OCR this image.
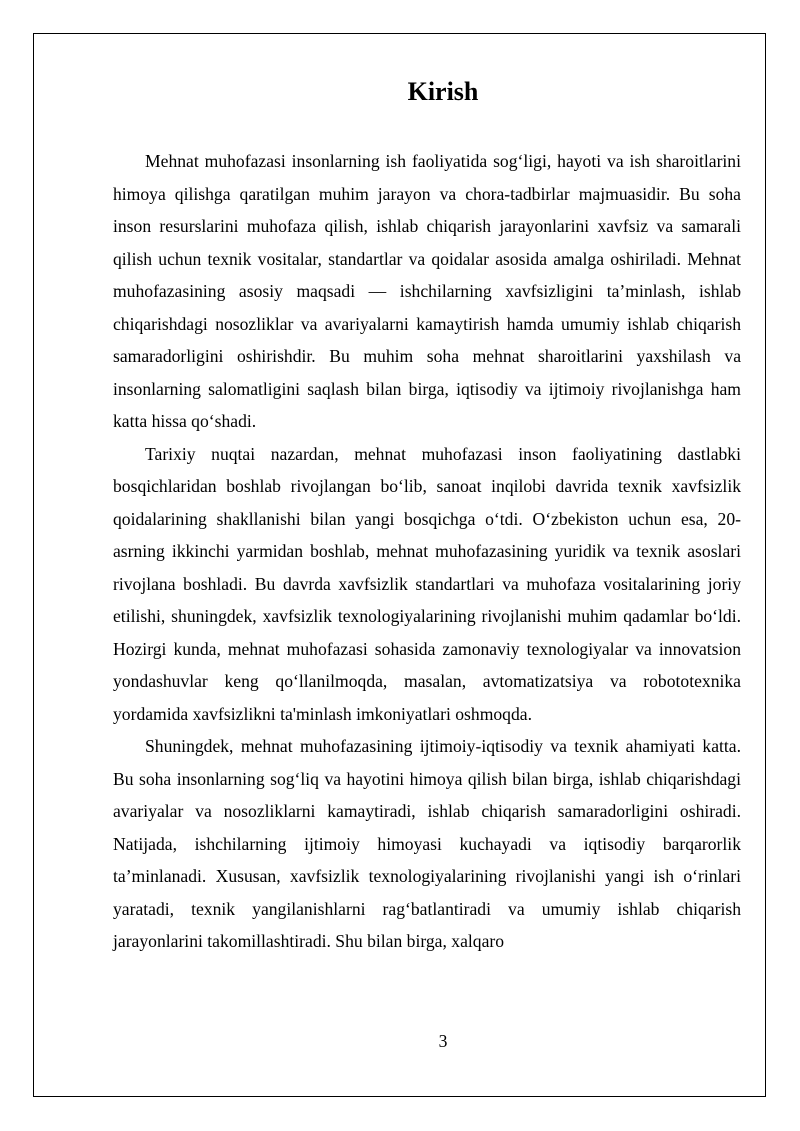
Kirish

Mehnat muhofazasi insonlarning ish faoliyatida sog‘ligi, hayoti va ish sharoitlarini himoya qilishga qaratilgan muhim jarayon va chora-tadbirlar majmuasidir. Bu soha inson resurslarini muhofaza qilish, ishlab chiqarish jarayonlarini xavfsiz va samarali qilish uchun texnik vositalar, standartlar va qoidalar asosida amalga oshiriladi. Mehnat muhofazasining asosiy maqsadi — ishchilarning xavfsizligini ta’minlash, ishlab chiqarishdagi nosozliklar va avariyalarni kamaytirish hamda umumiy ishlab chiqarish samaradorligini oshirishdir. Bu muhim soha mehnat sharoitlarini yaxshilash va insonlarning salomatligini saqlash bilan birga, iqtisodiy va ijtimoiy rivojlanishga ham katta hissa qo‘shadi.

Tarixiy nuqtai nazardan, mehnat muhofazasi inson faoliyatining dastlabki bosqichlaridan boshlab rivojlangan bo‘lib, sanoat inqilobi davrida texnik xavfsizlik qoidalarining shakllanishi bilan yangi bosqichga o‘tdi. O‘zbekiston uchun esa, 20-asrning ikkinchi yarmidan boshlab, mehnat muhofazasining yuridik va texnik asoslari rivojlana boshladi. Bu davrda xavfsizlik standartlari va muhofaza vositalarining joriy etilishi, shuningdek, xavfsizlik texnologiyalarining rivojlanishi muhim qadamlar bo‘ldi. Hozirgi kunda, mehnat muhofazasi sohasida zamonaviy texnologiyalar va innovatsion yondashuvlar keng qo‘llanilmoqda, masalan, avtomatizatsiya va robototexnika yordamida xavfsizlikni ta'minlash imkoniyatlari oshmoqda.

Shuningdek, mehnat muhofazasining ijtimoiy-iqtisodiy va texnik ahamiyati katta. Bu soha insonlarning sog‘liq va hayotini himoya qilish bilan birga, ishlab chiqarishdagi avariyalar va nosozliklarni kamaytiradi, ishlab chiqarish samaradorligini oshiradi. Natijada, ishchilarning ijtimoiy himoyasi kuchayadi va iqtisodiy barqarorlik ta’minlanadi. Xususan, xavfsizlik texnologiyalarining rivojlanishi yangi ish o‘rinlari yaratadi, texnik yangilanishlarni rag‘batlantiradi va umumiy ishlab chiqarish jarayonlarini takomillashtiradi. Shu bilan birga, xalqaro

3
